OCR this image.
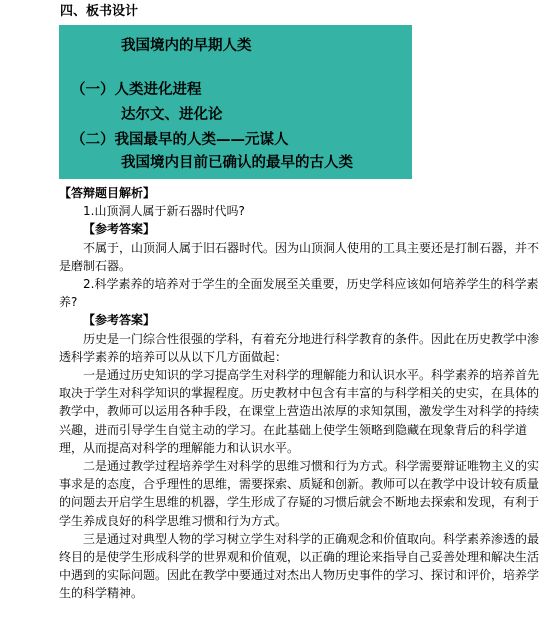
四、板书设计
我国境内的早期人类
（一）人类进化进程
达尔文、进化论
（二）我国最早的人类——元谋人
我国境内目前已确认的最早的古人类

【答辩题目解析】

1.山顶洞人属于新石器时代吗?

【参考答案】

不属于，山顶洞人属于旧石器时代。因为山顶洞人使用的工具主要还是打制石器，并不是磨制石器。

2.科学素养的培养对于学生的全面发展至关重要，历史学科应该如何培养学生的科学素养?

【参考答案】

历史是一门综合性很强的学科，有着充分地进行科学教育的条件。因此在历史教学中渗透科学素养的培养可以从以下几方面做起：

一是通过历史知识的学习提高学生对科学的理解能力和认识水平。科学素养的培养首先取决于学生对科学知识的掌握程度。历史教材中包含有丰富的与科学相关的史实，在具体的教学中，教师可以运用各种手段，在课堂上营造出浓厚的求知氛围，激发学生对科学的持续兴趣，进而引导学生自觉主动的学习。在此基础上使学生领略到隐藏在现象背后的科学道理，从而提高对科学的理解能力和认识水平。

二是通过教学过程培养学生对科学的思维习惯和行为方式。科学需要辩证唯物主义的实事求是的态度，合乎理性的思维，需要探索、质疑和创新。教师可以在教学中设计较有质量的问题去开启学生思维的机器，学生形成了存疑的习惯后就会不断地去探索和发现，有利于学生养成良好的科学思维习惯和行为方式。

三是通过对典型人物的学习树立学生对科学的正确观念和价值取向。科学素养渗透的最终目的是使学生形成科学的世界观和价值观，以正确的理论来指导自己妥善处理和解决生活中遇到的实际问题。因此在教学中要通过对杰出人物历史事件的学习、探讨和评价，培养学生的科学精神。
